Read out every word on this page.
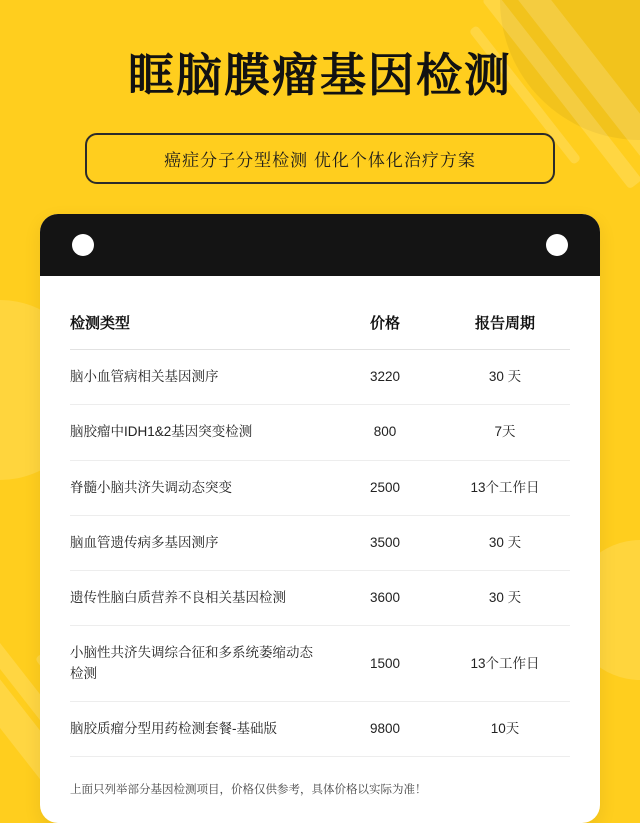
眶脑膜瘤基因检测
癌症分子分型检测 优化个体化治疗方案
检测类型	价格	报告周期
脑小血管病相关基因测序	3220	30 天
脑胶瘤中IDH1&2基因突变检测	800	7天
脊髓小脑共济失调动态突变	2500	13个工作日
脑血管遗传病多基因测序	3500	30 天
遗传性脑白质营养不良相关基因检测	3600	30 天
小脑性共济失调综合征和多系统萎缩动态检测	1500	13个工作日
脑胶质瘤分型用药检测套餐-基础版	9800	10天
上面只列举部分基因检测项目，价格仅供参考，具体价格以实际为准！
